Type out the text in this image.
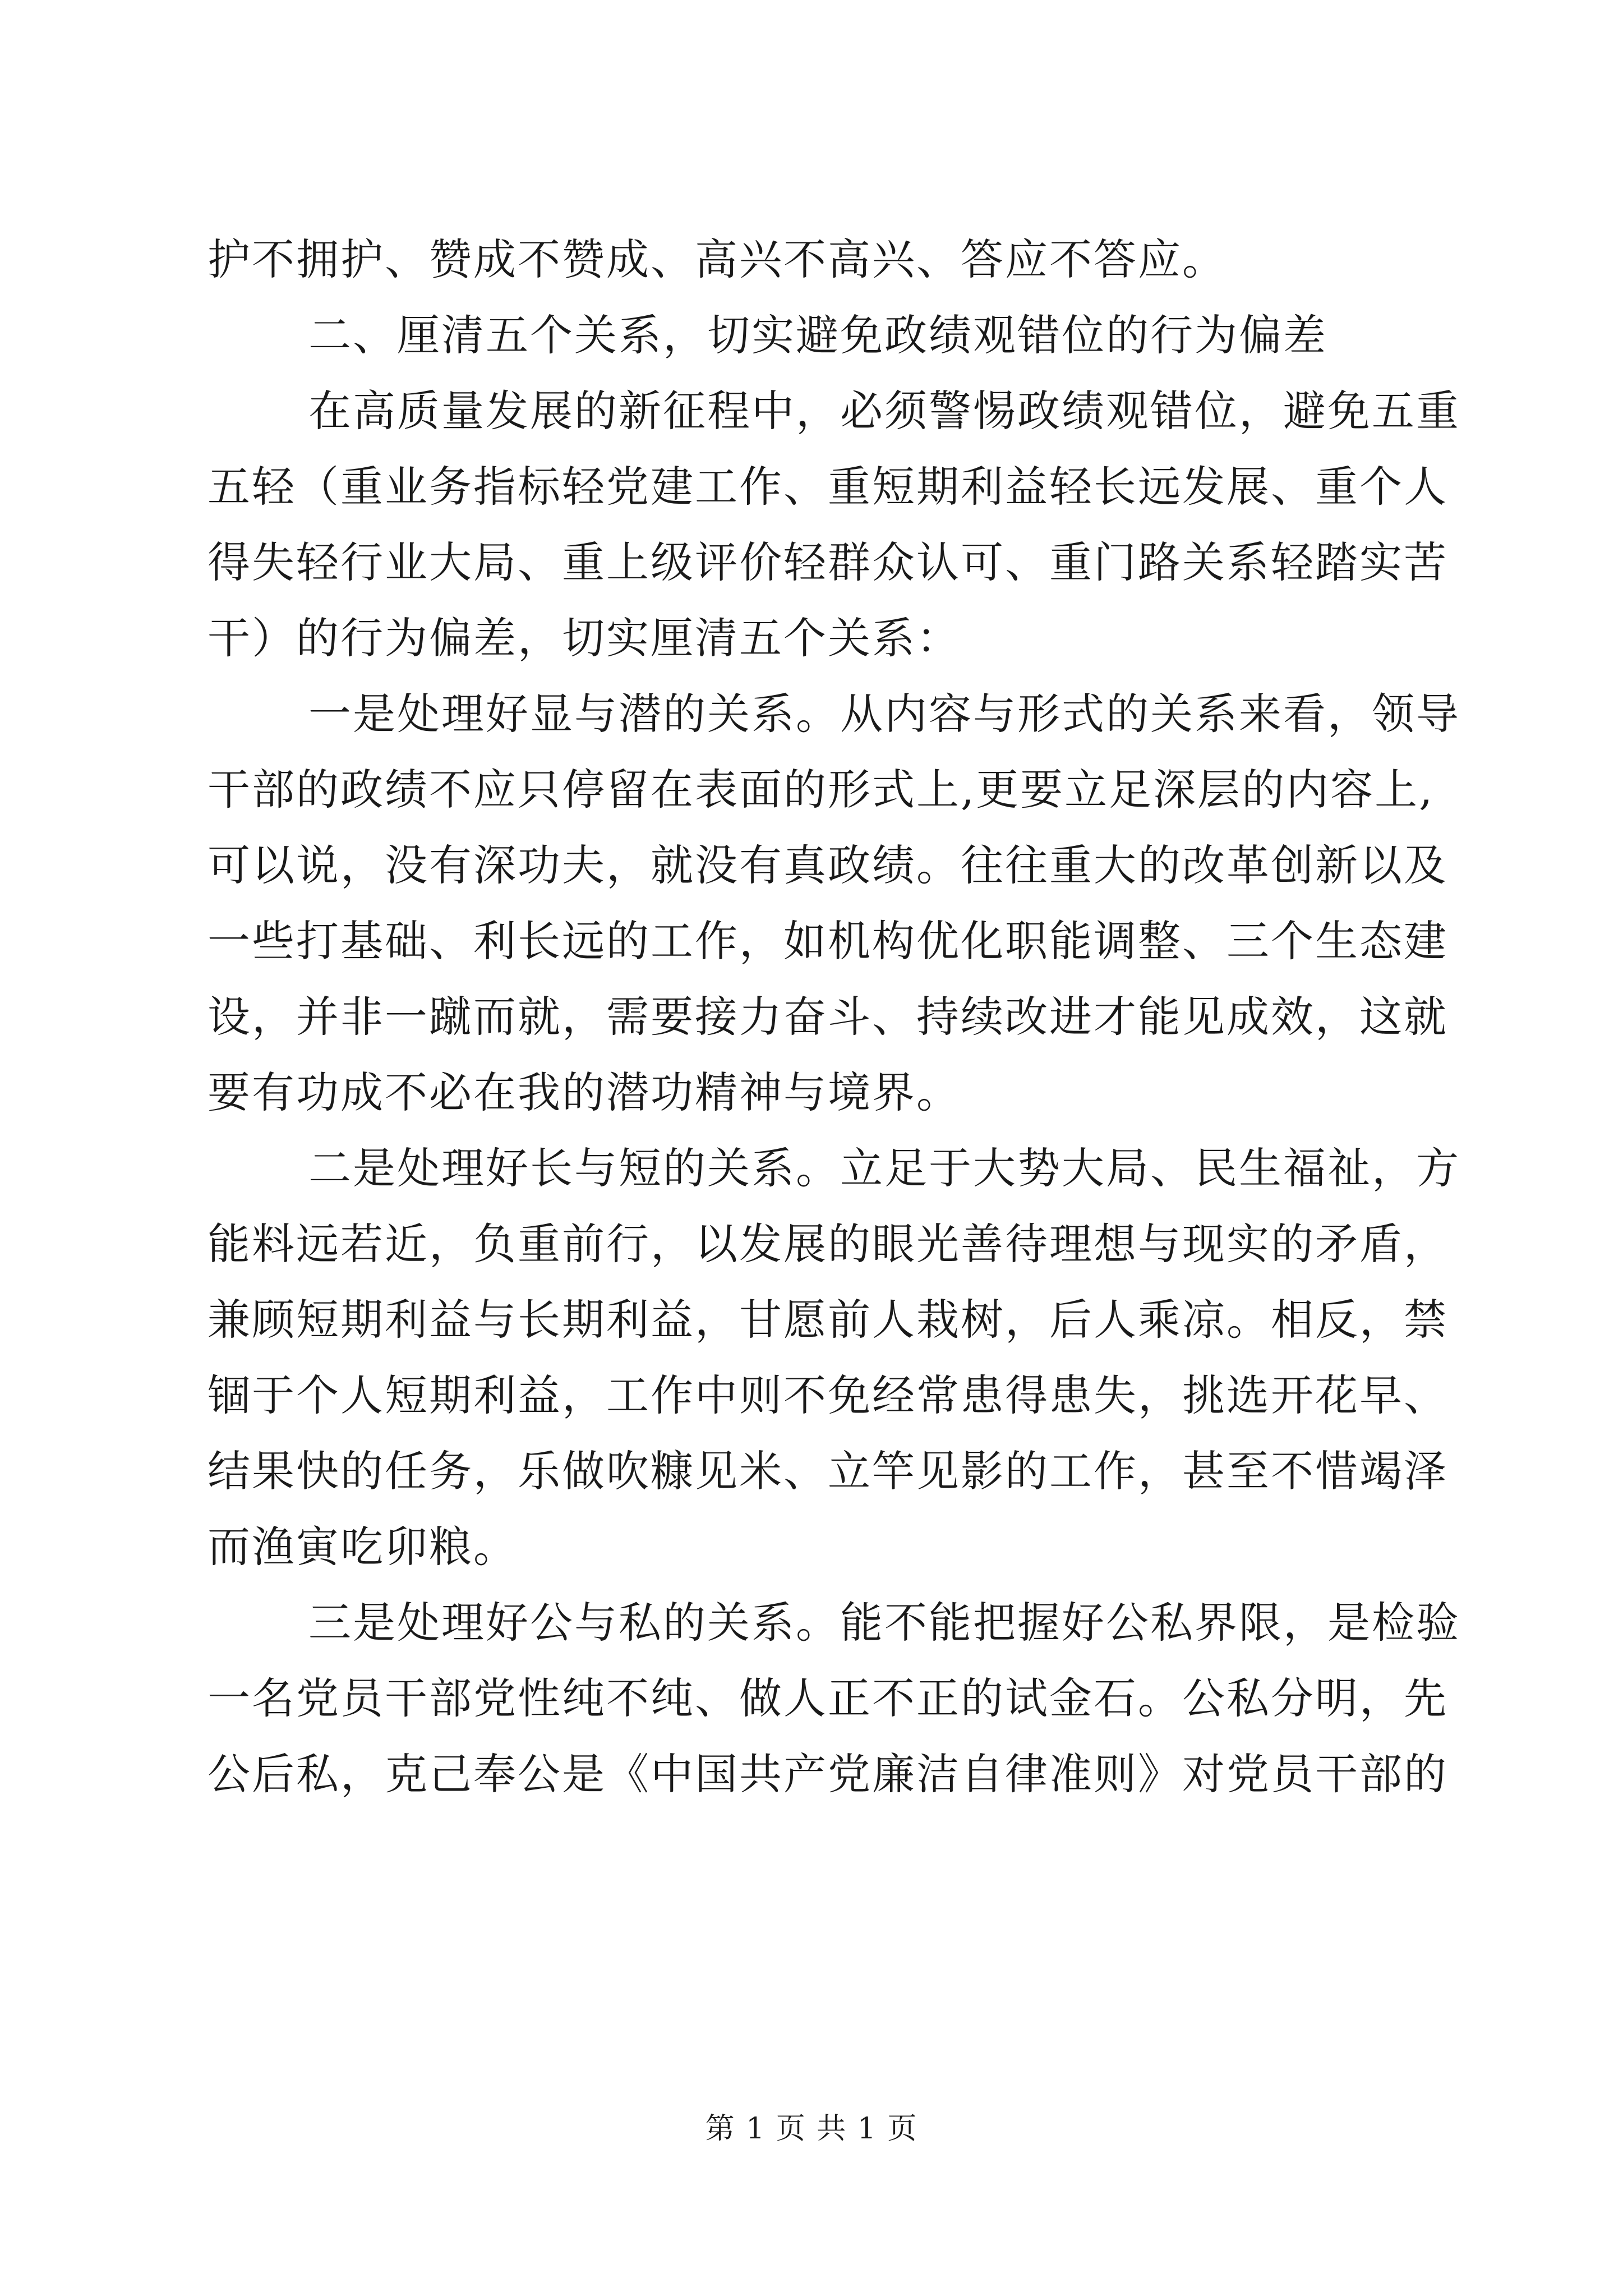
护不拥护、赞成不赞成、高兴不高兴、答应不答应。
二、厘清五个关系，切实避免政绩观错位的行为偏差
在高质量发展的新征程中，必须警惕政绩观错位，避免五重
五轻（重业务指标轻党建工作、重短期利益轻长远发展、重个人
得失轻行业大局、重上级评价轻群众认可、重门路关系轻踏实苦
干）的行为偏差，切实厘清五个关系：
一是处理好显与潜的关系。从内容与形式的关系来看，领导
干部的政绩不应只停留在表面的形式上,更要立足深层的内容上,
可以说，没有深功夫，就没有真政绩。往往重大的改革创新以及
一些打基础、利长远的工作，如机构优化职能调整、三个生态建
设，并非一蹴而就，需要接力奋斗、持续改进才能见成效，这就
要有功成不必在我的潜功精神与境界。
二是处理好长与短的关系。立足于大势大局、民生福祉，方
能料远若近，负重前行，以发展的眼光善待理想与现实的矛盾，
兼顾短期利益与长期利益，甘愿前人栽树，后人乘凉。相反，禁
锢于个人短期利益，工作中则不免经常患得患失，挑选开花早、
结果快的任务，乐做吹糠见米、立竿见影的工作，甚至不惜竭泽
而渔寅吃卯粮。
三是处理好公与私的关系。能不能把握好公私界限，是检验
一名党员干部党性纯不纯、做人正不正的试金石。公私分明，先
公后私，克己奉公是《中国共产党廉洁自律准则》对党员干部的
第 1 页 共 1 页
